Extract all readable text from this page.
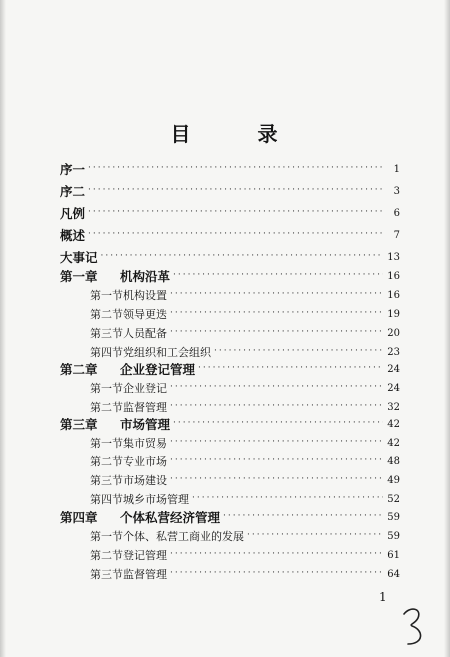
目 录
序一 ·····	1
序二 ·····	3
凡例 ·····	6
概述 ·····	7
大事记 ·····	13
第一章 机构沿革 ·····	16
第一节 机构设置 ·····	16
第二节 领导更迭 ·····	19
第三节 人员配备 ·····	20
第四节 党组织和工会组织 ·····	23
第二章 企业登记管理 ·····	24
第一节 企业登记 ·····	24
第二节 监督管理 ·····	32
第三章 市场管理 ·····	42
第一节 集市贸易 ·····	42
第二节 专业市场 ·····	48
第三节 市场建设 ·····	49
第四节 城乡市场管理 ·····	52
第四章 个体私营经济管理 ·····	59
第一节 个体、私营工商业的发展 ·····	59
第二节 登记管理 ·····	61
第三节 监督管理 ·····	64
1
